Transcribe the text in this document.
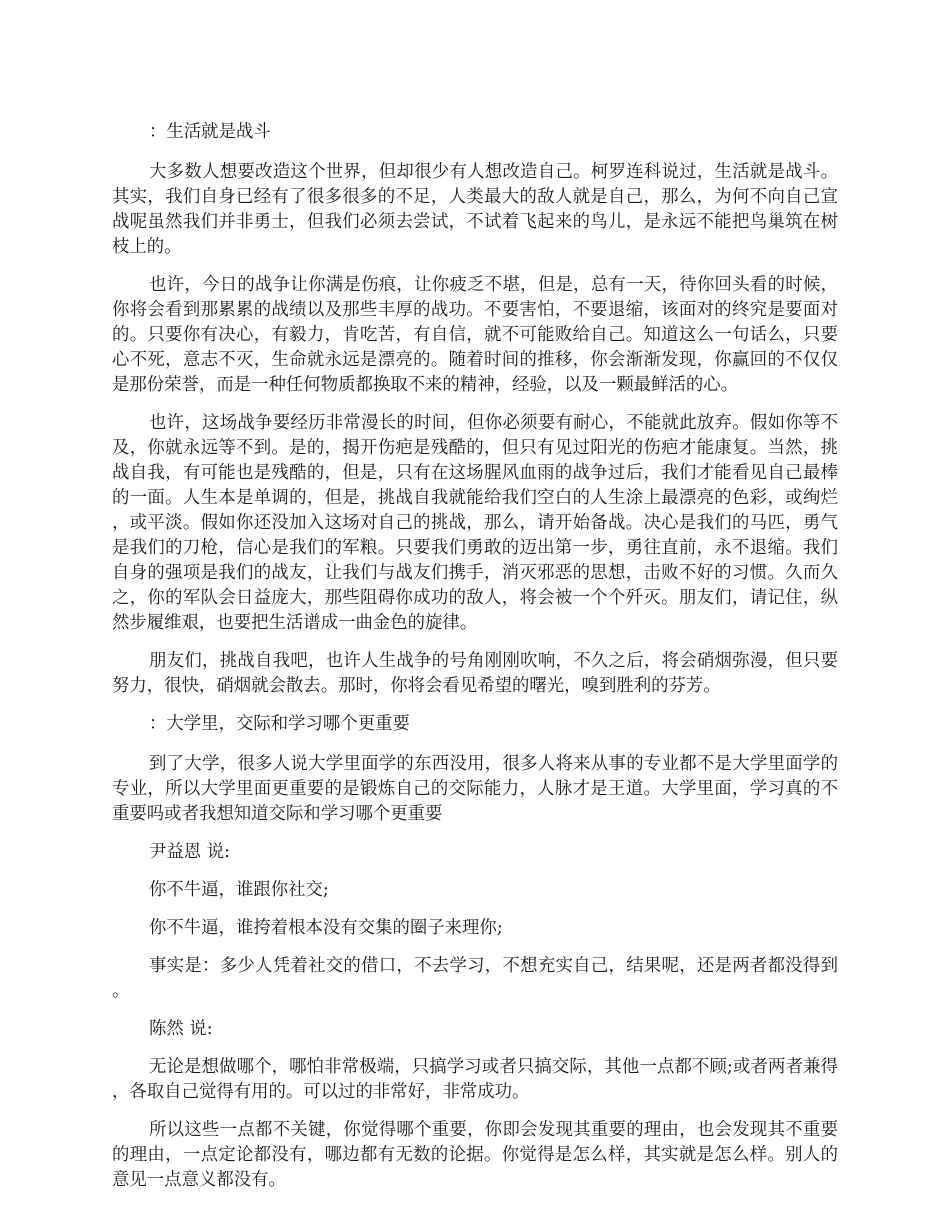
：生活就是战斗

大多数人想要改造这个世界，但却很少有人想改造自己。柯罗连科说过，生活就是战斗。其实，我们自身已经有了很多很多的不足，人类最大的敌人就是自己，那么，为何不向自己宣战呢虽然我们并非勇士，但我们必须去尝试，不试着飞起来的鸟儿，是永远不能把鸟巢筑在树枝上的。

也许，今日的战争让你满是伤痕，让你疲乏不堪，但是，总有一天，待你回头看的时候，你将会看到那累累的战绩以及那些丰厚的战功。不要害怕，不要退缩，该面对的终究是要面对的。只要你有决心，有毅力，肯吃苦，有自信，就不可能败给自己。知道这么一句话么，只要心不死，意志不灭，生命就永远是漂亮的。随着时间的推移，你会渐渐发现，你赢回的不仅仅是那份荣誉，而是一种任何物质都换取不来的精神，经验，以及一颗最鲜活的心。

也许，这场战争要经历非常漫长的时间，但你必须要有耐心，不能就此放弃。假如你等不及，你就永远等不到。是的，揭开伤疤是残酷的，但只有见过阳光的伤疤才能康复。当然，挑战自我，有可能也是残酷的，但是，只有在这场腥风血雨的战争过后，我们才能看见自己最棒的一面。人生本是单调的，但是，挑战自我就能给我们空白的人生涂上最漂亮的色彩，或绚烂，或平淡。假如你还没加入这场对自己的挑战，那么，请开始备战。决心是我们的马匹，勇气是我们的刀枪，信心是我们的军粮。只要我们勇敢的迈出第一步，勇往直前，永不退缩。我们自身的强项是我们的战友，让我们与战友们携手，消灭邪恶的思想，击败不好的习惯。久而久之，你的军队会日益庞大，那些阻碍你成功的敌人，将会被一个个歼灭。朋友们，请记住，纵然步履维艰，也要把生活谱成一曲金色的旋律。

朋友们，挑战自我吧，也许人生战争的号角刚刚吹响，不久之后，将会硝烟弥漫，但只要努力，很快，硝烟就会散去。那时，你将会看见希望的曙光，嗅到胜利的芬芳。

：大学里，交际和学习哪个更重要

到了大学，很多人说大学里面学的东西没用，很多人将来从事的专业都不是大学里面学的专业，所以大学里面更重要的是锻炼自己的交际能力，人脉才是王道。大学里面，学习真的不重要吗或者我想知道交际和学习哪个更重要

尹益恩 说:

你不牛逼，谁跟你社交;

你不牛逼，谁挎着根本没有交集的圈子来理你;

事实是：多少人凭着社交的借口，不去学习，不想充实自己，结果呢，还是两者都没得到。

陈然 说:

无论是想做哪个，哪怕非常极端，只搞学习或者只搞交际，其他一点都不顾;或者两者兼得，各取自己觉得有用的。可以过的非常好，非常成功。

所以这些一点都不关键，你觉得哪个重要，你即会发现其重要的理由，也会发现其不重要的理由，一点定论都没有，哪边都有无数的论据。你觉得是怎么样，其实就是怎么样。别人的意见一点意义都没有。
